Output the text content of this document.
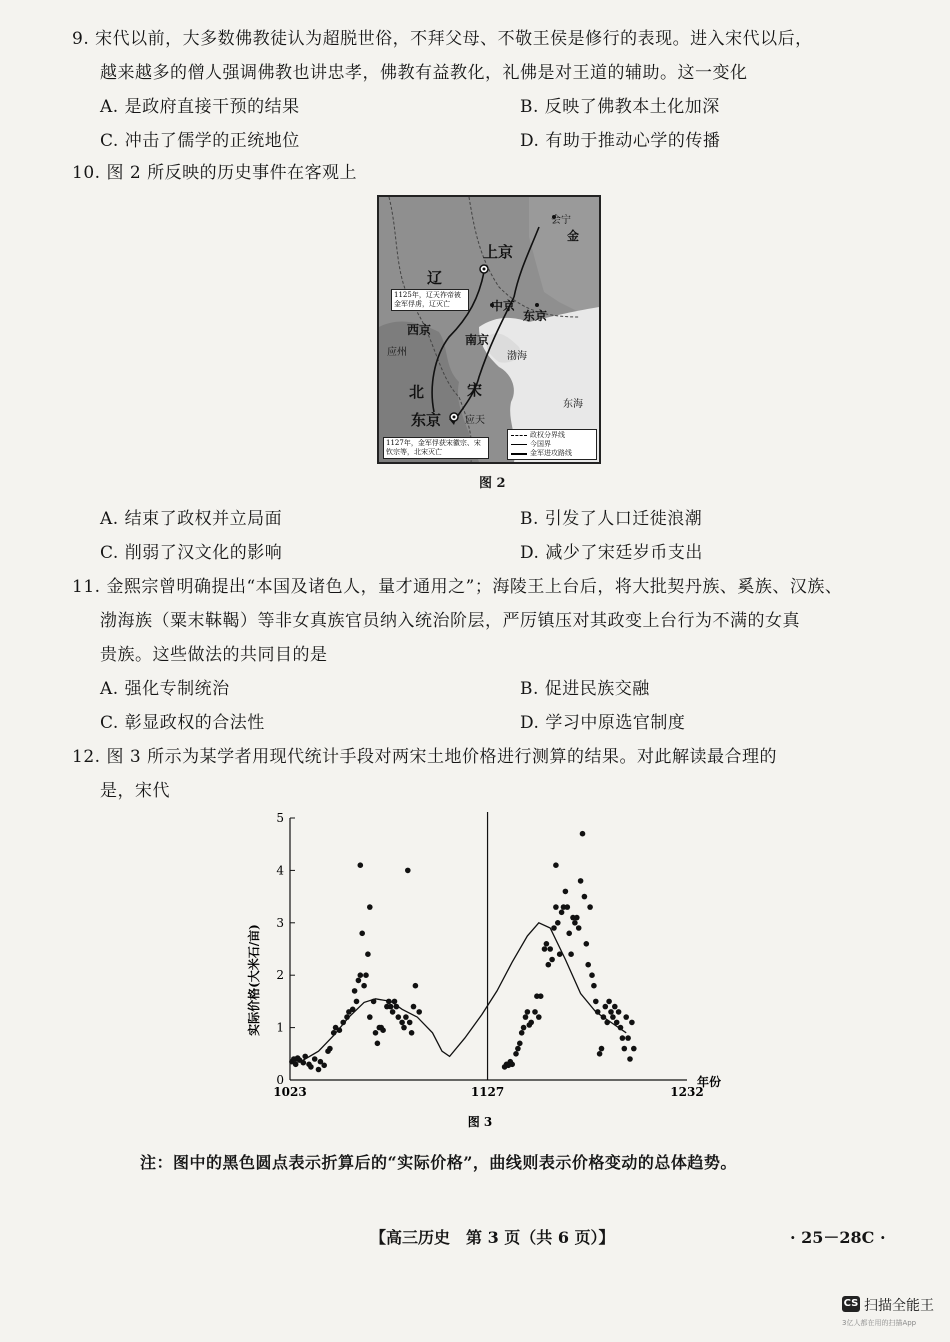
9. 宋代以前，大多数佛教徒认为超脱世俗，不拜父母、不敬王侯是修行的表现。进入宋代以后，

越来越多的僧人强调佛教也讲忠孝，佛教有益教化，礼佛是对王道的辅助。这一变化

A. 是政府直接干预的结果	B. 反映了佛教本土化加深
C. 冲击了儒学的正统地位	D. 有助于推动心学的传播

10. 图 2 所反映的历史事件在客观上

会宁
金
上京
辽
中京
东京
西京
南京
渤海
应州
北	宋
东海
东京 应天
1125年，辽天祚帝被金军俘虏，辽灭亡
1127年，金军俘获宋徽宗、宋钦宗等，北宋灭亡
政权分界线
今国界
金军进攻路线
图 2
A. 结束了政权并立局面	B. 引发了人口迁徙浪潮
C. 削弱了汉文化的影响	D. 减少了宋廷岁币支出

11. 金熙宗曾明确提出“本国及诸色人，量才通用之”；海陵王上台后，将大批契丹族、奚族、汉族、

渤海族（粟末靺鞨）等非女真族官员纳入统治阶层，严厉镇压对其政变上台行为不满的女真

贵族。这些做法的共同目的是

A. 强化专制统治	B. 促进民族交融
C. 彰显政权的合法性	D. 学习中原选官制度

12. 图 3 所示为某学者用现代统计手段对两宋土地价格进行测算的结果。对此解读最合理的

是，宋代

0
1
2
3
4
5
1023	1127	1232
实际价格(大米石/亩)
年份
图 3
注：图中的黑色圆点表示折算后的“实际价格”，曲线则表示价格变动的总体趋势。
【高三历史　第 3 页（共 6 页）】	· 25－28C ·
CS 扫描全能王
3亿人都在用的扫描App
